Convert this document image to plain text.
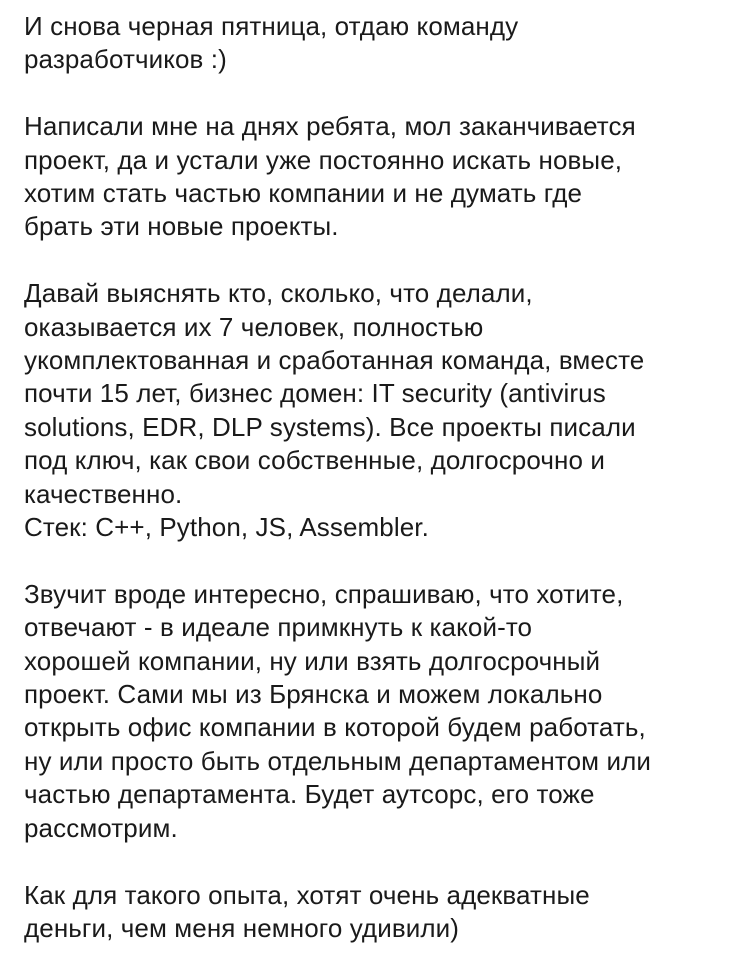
И снова черная пятница, отдаю команду
разработчиков :)

Написали мне на днях ребята, мол заканчивается
проект, да и устали уже постоянно искать новые,
хотим стать частью компании и не думать где
брать эти новые проекты.

Давай выяснять кто, сколько, что делали,
оказывается их 7 человек, полностью
укомплектованная и сработанная команда, вместе
почти 15 лет, бизнес домен: IT security (antivirus
solutions, EDR, DLP systems). Все проекты писали
под ключ, как свои собственные, долгосрочно и
качественно.
Стек: C++, Python, JS, Assembler.

Звучит вроде интересно, спрашиваю, что хотите,
отвечают - в идеале примкнуть к какой-то
хорошей компании, ну или взять долгосрочный
проект. Сами мы из Брянска и можем локально
открыть офис компании в которой будем работать,
ну или просто быть отдельным департаментом или
частью департамента. Будет аутсорс, его тоже
рассмотрим.

Как для такого опыта, хотят очень адекватные
деньги, чем меня немного удивили)
